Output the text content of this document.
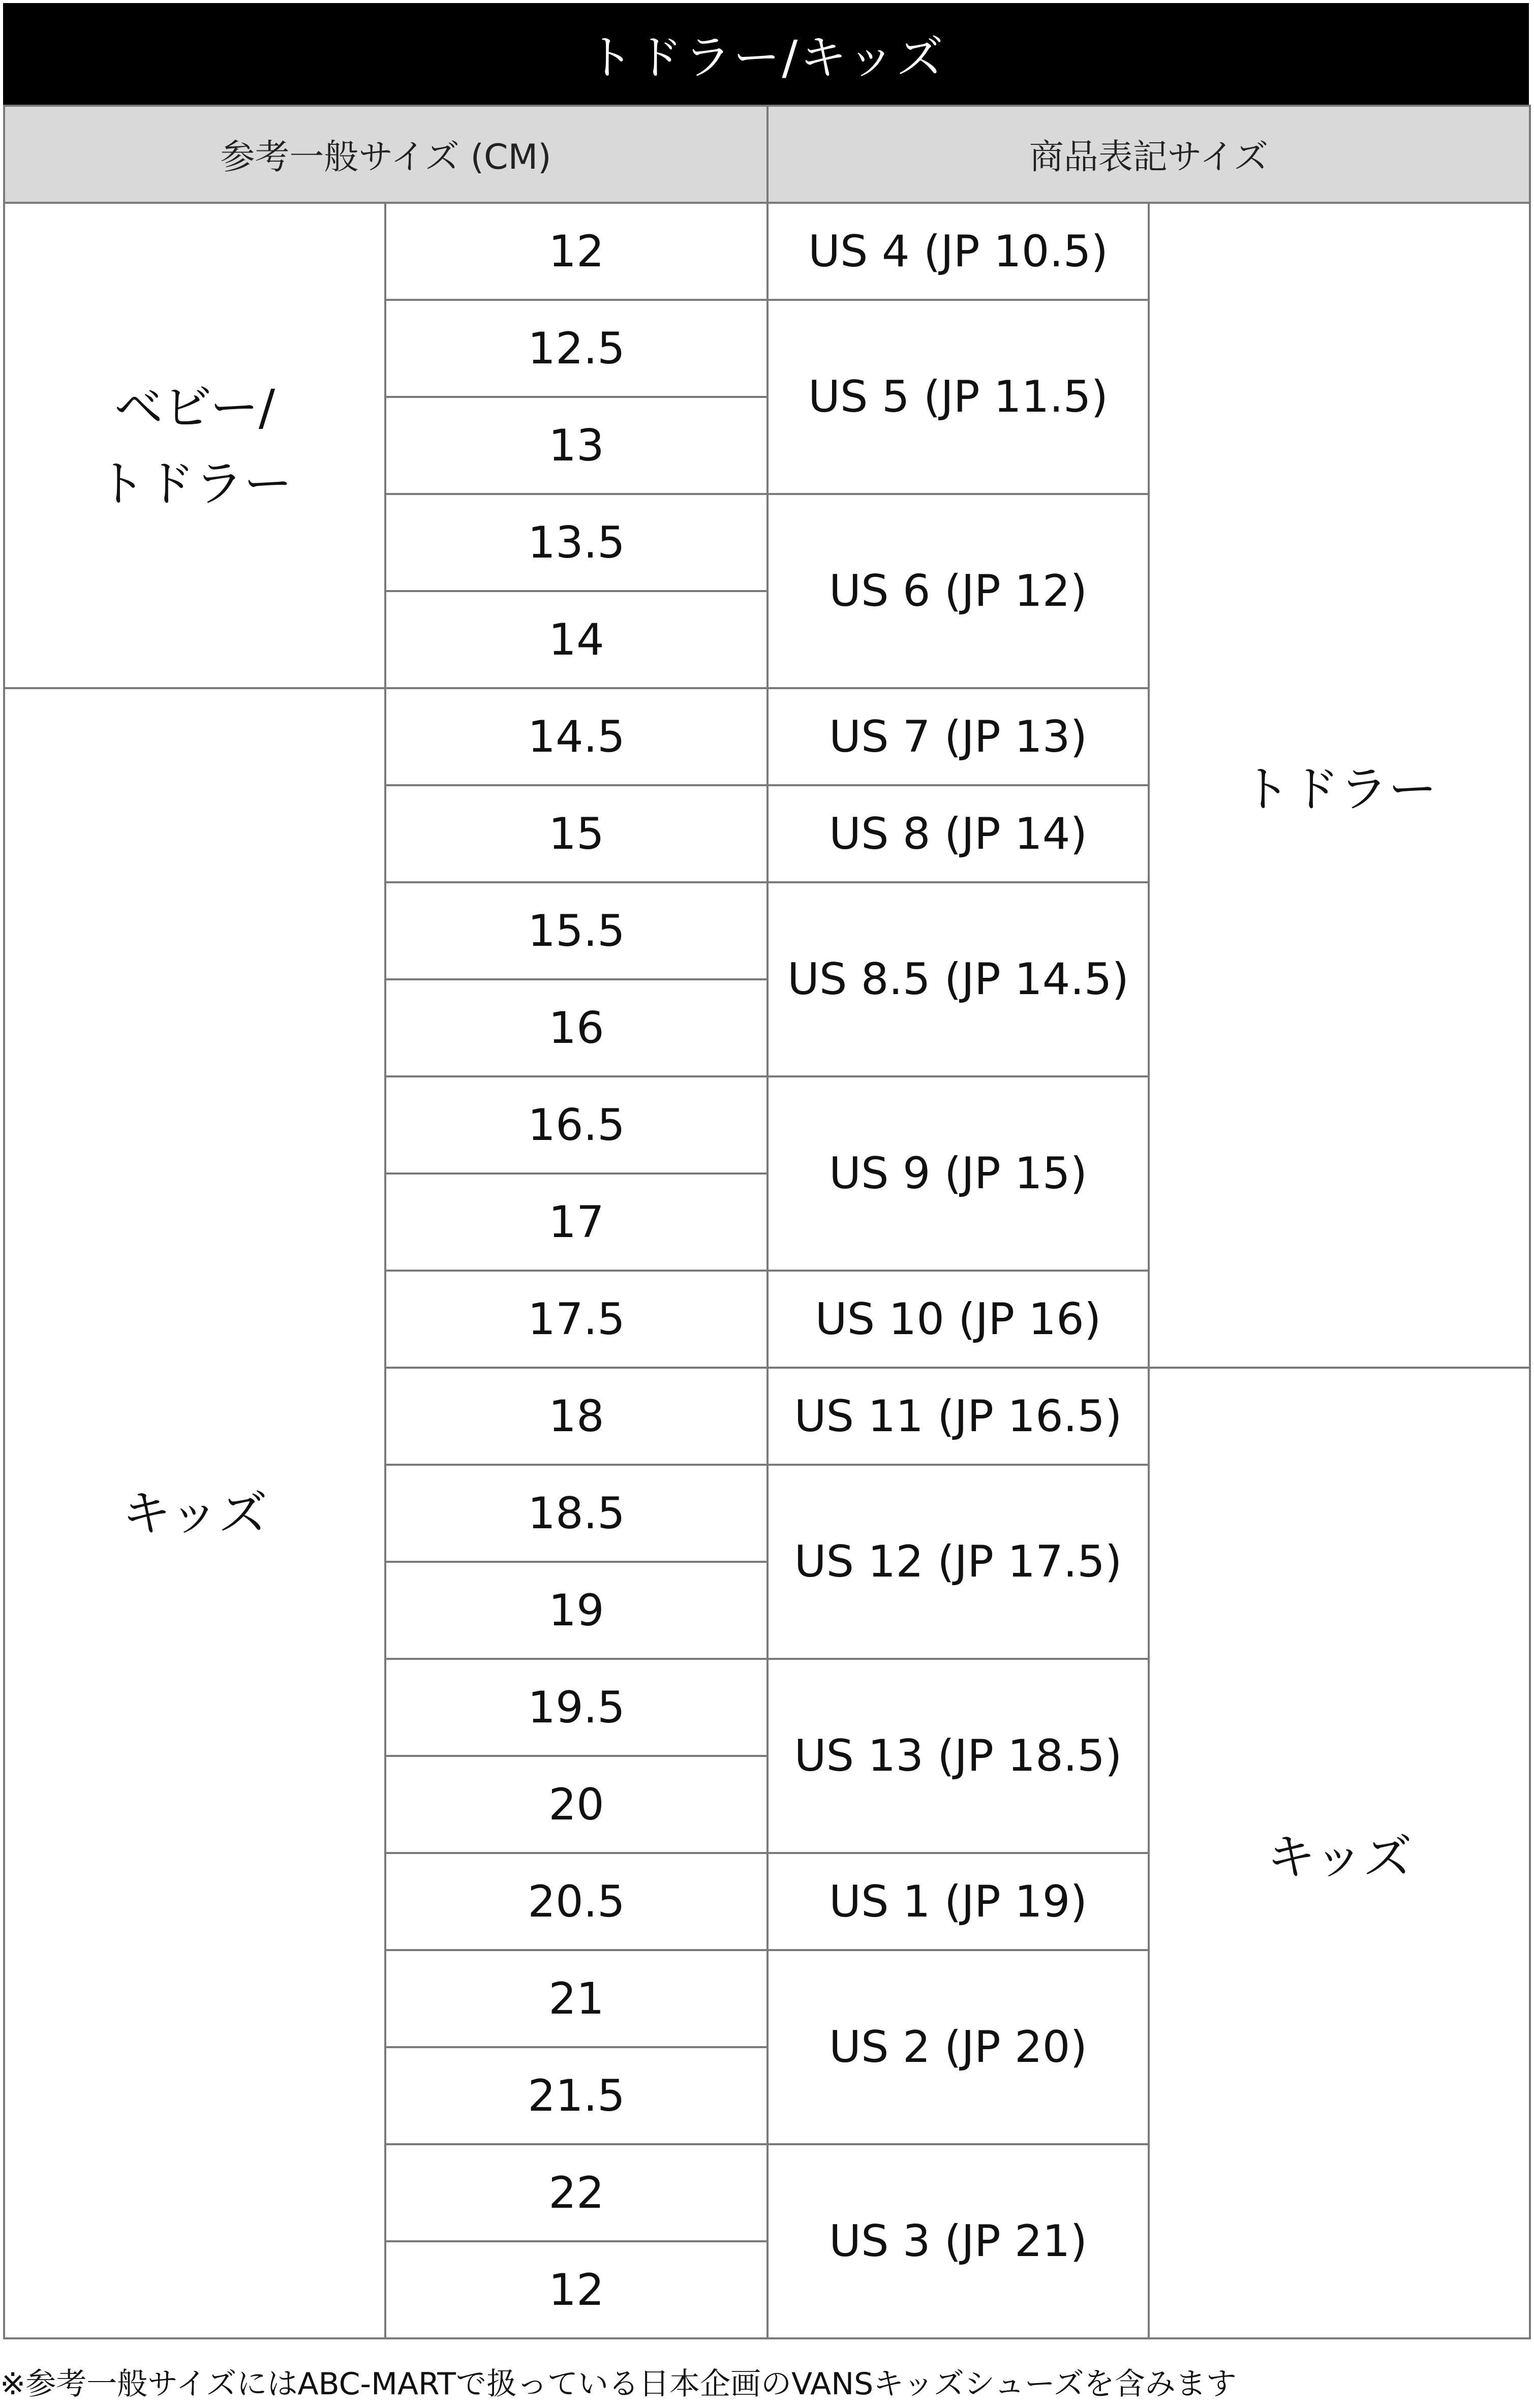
トドラー/キッズ
参考一般サイズ (CM)		商品表記サイズ	

ベビー/
トドラー	12	US 4 (JP 10.5)	トドラー
	12.5	US 5 (JP 11.5)	
	13		
	13.5	US 6 (JP 12)	
	14		
キッズ	14.5	US 7 (JP 13)	
	15	US 8 (JP 14)	
	15.5	US 8.5 (JP 14.5)	
	16		
	16.5	US 9 (JP 15)	
	17		
	17.5	US 10 (JP 16)	
	18	US 11 (JP 16.5)	キッズ
	18.5	US 12 (JP 17.5)	
	19		
	19.5	US 13 (JP 18.5)	
	20		
	20.5	US 1 (JP 19)	
	21	US 2 (JP 20)	
	21.5		
	22	US 3 (JP 21)	
	12		
※参考一般サイズにはABC-MARTで扱っている日本企画のVANSキッズシューズを含みます
